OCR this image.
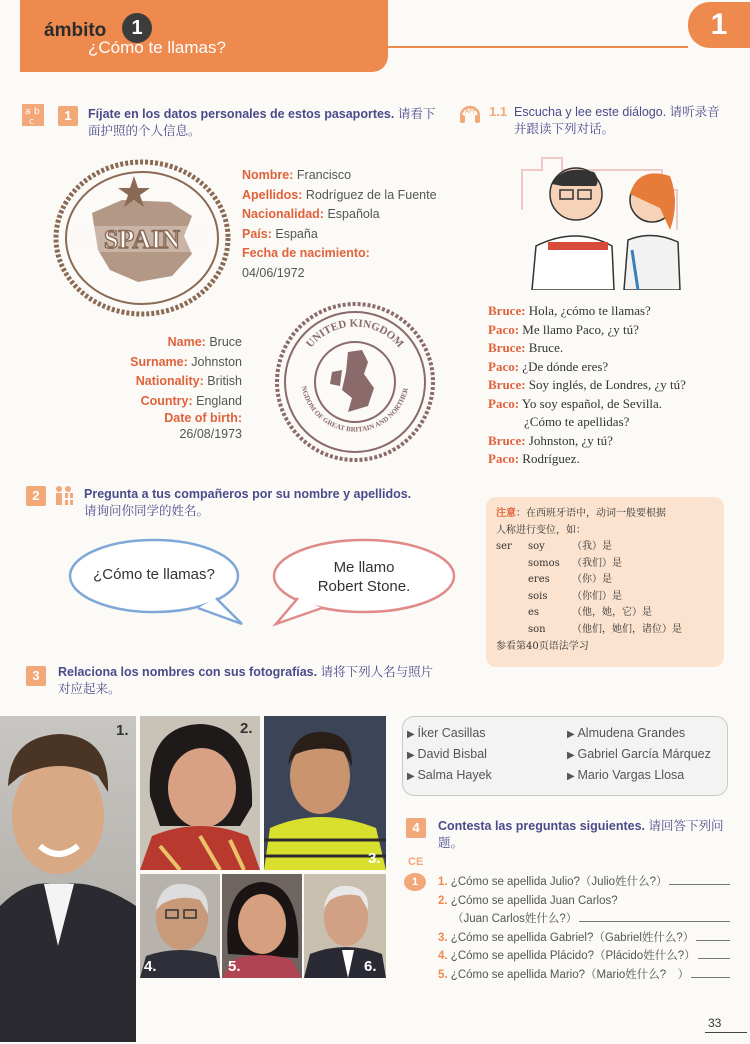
ámbito	1
¿Cómo te llamas?
1
a b
c	1	Fíjate en los datos personales de estos pasaportes. 请看下面护照的个人信息。
SPAIN
Nombre: Francisco
Apellidos: Rodríguez de la Fuente
Nacionalidad: Española
País: España
Fecha de nacimiento:
04/06/1972
Name: Bruce
Surname: Johnston
Nationality: British
Country: England
Date of birth:
26/08/1973
UNITED KINGDOM
NGDOM OF GREAT BRITAIN AND NORTHER
APP 1.1 Escucha y lee este diálogo. 请听录音并跟读下列对话。
Bruce: Hola, ¿cómo te llamas?
Paco: Me llamo Paco, ¿y tú?
Bruce: Bruce.
Paco: ¿De dónde eres?
Bruce: Soy inglés, de Londres, ¿y tú?
Paco: Yo soy español, de Sevilla.
¿Cómo te apellidas?
Bruce: Johnston, ¿y tú?
Paco: Rodríguez.
2	Pregunta a tus compañeros por su nombre y apellidos.
请询问你同学的姓名。
¿Cómo te llamas?	Me llamo
Robert Stone.
注意：在西班牙语中，动词一般要根据
人称进行变位，如：
ser	soy	（我）是
somos	（我们）是
eres	（你）是
sois	（你们）是
es	（他，她，它）是
son	（他们，她们，诸位）是
参看第40页语法学习
3	Relaciona los nombres con sus fotografías. 请将下列人名与照片对应起来。
1.	2.
3.
4.	5.	6.
▶ Íker Casillas
▶ David Bisbal
▶ Salma Hayek
▶ Almudena Grandes
▶ Gabriel García Márquez
▶ Mario Vargas Llosa
4	Contesta las preguntas siguientes. 请回答下列问题。
CE
1	1.
¿Cómo se apellida Julio?（Julio姓什么?）
2.
¿Cómo se apellida Juan Carlos?
（Juan Carlos姓什么?）
3.
¿Cómo se apellida Gabriel?（Gabriel姓什么?）
4.
¿Cómo se apellida Plácido?（Plácido姓什么?）
5.
¿Cómo se apellida Mario?（Mario姓什么?　）
33
